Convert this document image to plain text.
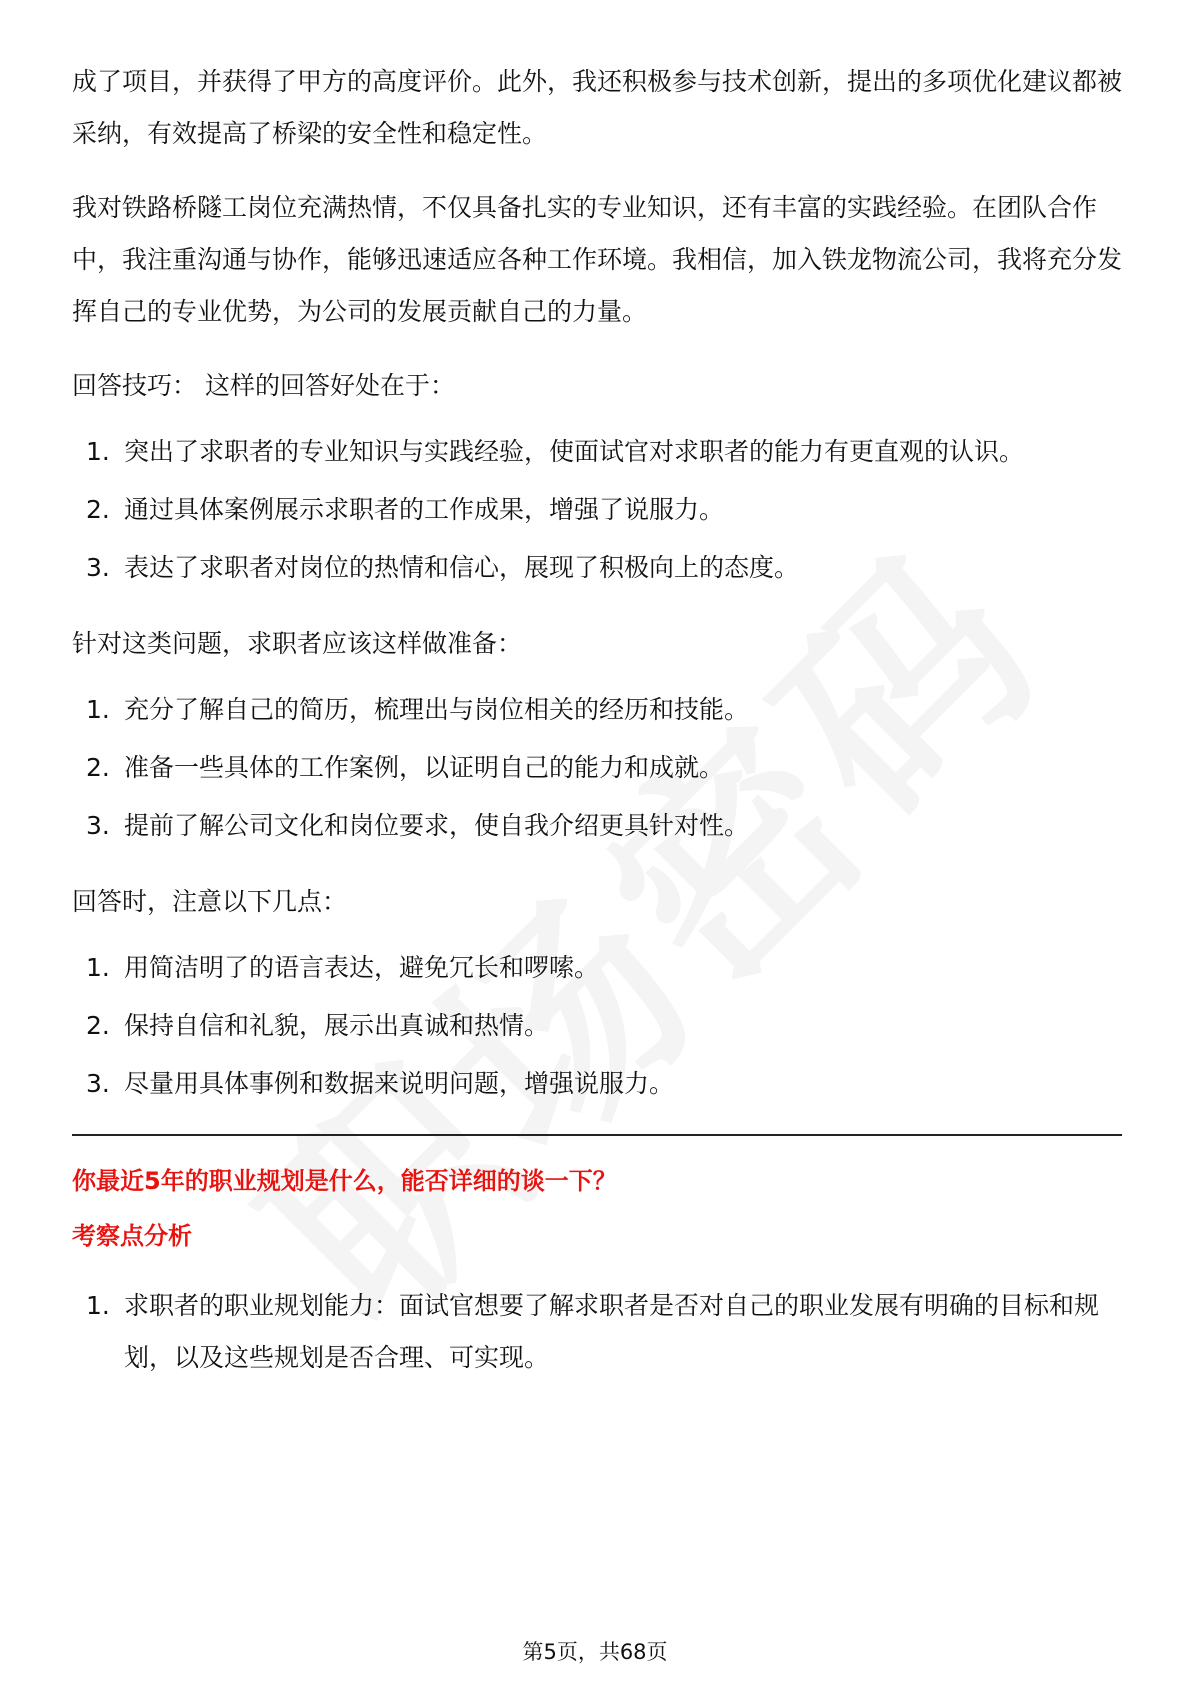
成了项目，并获得了甲方的高度评价。此外，我还积极参与技术创新，提出的多项优化建议都被采纳，有效提高了桥梁的安全性和稳定性。

我对铁路桥隧工岗位充满热情，不仅具备扎实的专业知识，还有丰富的实践经验。在团队合作中，我注重沟通与协作，能够迅速适应各种工作环境。我相信，加入铁龙物流公司，我将充分发挥自己的专业优势，为公司的发展贡献自己的力量。

回答技巧： 这样的回答好处在于：

1. 突出了求职者的专业知识与实践经验，使面试官对求职者的能力有更直观的认识。
2. 通过具体案例展示求职者的工作成果，增强了说服力。
3. 表达了求职者对岗位的热情和信心，展现了积极向上的态度。

针对这类问题，求职者应该这样做准备：

1. 充分了解自己的简历，梳理出与岗位相关的经历和技能。
2. 准备一些具体的工作案例，以证明自己的能力和成就。
3. 提前了解公司文化和岗位要求，使自我介绍更具针对性。

回答时，注意以下几点：

1. 用简洁明了的语言表达，避免冗长和啰嗦。
2. 保持自信和礼貌，展示出真诚和热情。
3. 尽量用具体事例和数据来说明问题，增强说服力。
你最近5年的职业规划是什么，能否详细的谈一下？
考察点分析
1. 求职者的职业规划能力：面试官想要了解求职者是否对自己的职业发展有明确的目标和规划，以及这些规划是否合理、可实现。
第5页，共68页
